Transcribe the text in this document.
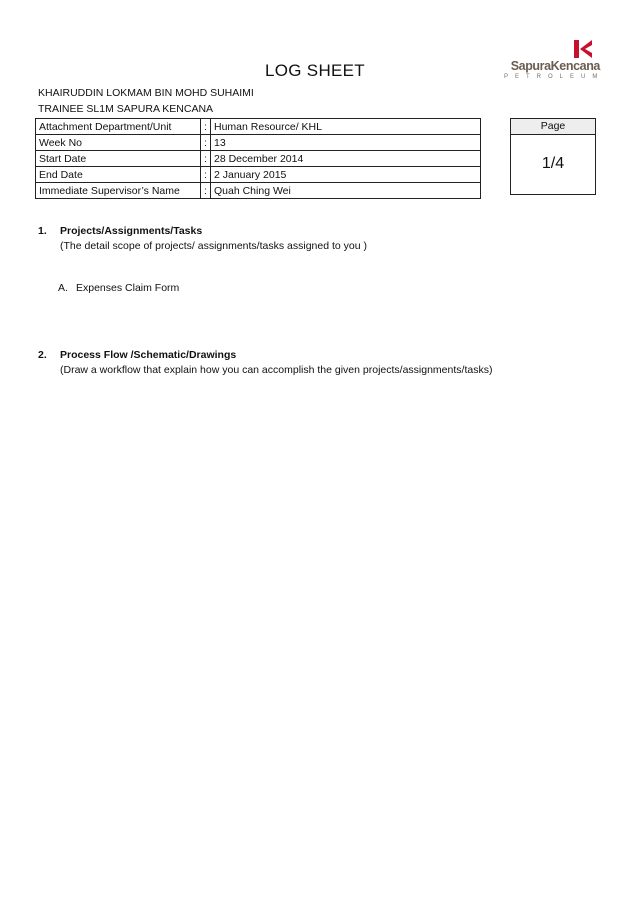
SapuraKencana
PETROLEUM
LOG SHEET
KHAIRUDDIN LOKMAM BIN MOHD SUHAIMI
TRAINEE SL1M SAPURA KENCANA
Attachment Department/Unit	:	Human Resource/ KHL
Week No	:	13
Start Date	:	28 December 2014
End Date	:	2 January 2015
Immediate Supervisor’s Name	:	Quah Ching Wei
Page
1/4
1. Projects/Assignments/Tasks
(The detail scope of projects/ assignments/tasks assigned to you )
A. Expenses Claim Form
2. Process Flow /Schematic/Drawings
(Draw a workflow that explain how you can accomplish the given projects/assignments/tasks)
